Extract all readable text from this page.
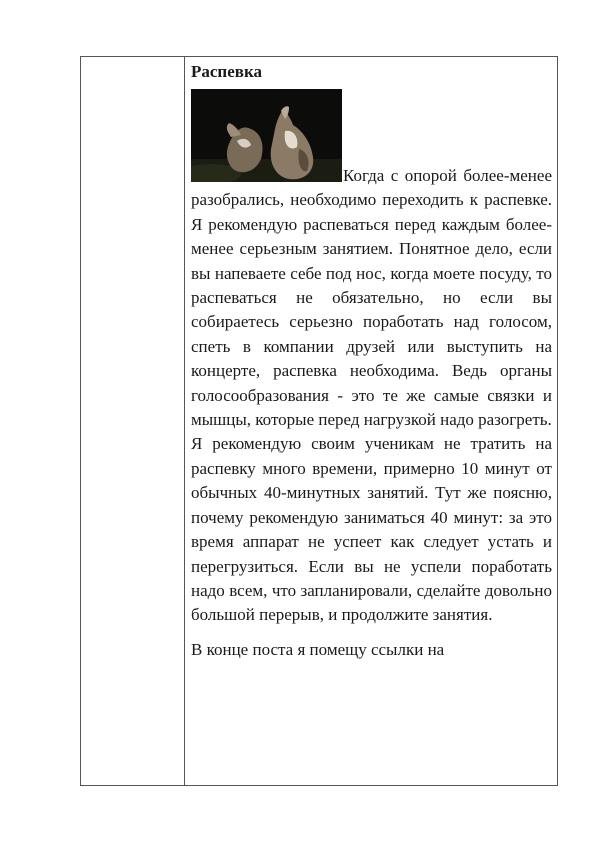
Распевка

Когда с опорой более-менее разобрались, необходимо переходить к распевке. Я рекомендую распеваться перед каждым более-менее серьезным занятием. Понятное дело, если вы напеваете себе под нос, когда моете посуду, то распеваться не обязательно, но если вы собираетесь серьезно поработать над голосом, спеть в компании друзей или выступить на концерте, распевка необходима. Ведь органы голосообразования - это те же самые связки и мышцы, которые перед нагрузкой надо разогреть.

Я рекомендую своим ученикам не тратить на распевку много времени, примерно 10 минут от обычных 40-минутных занятий. Тут же поясню, почему рекомендую заниматься 40 минут: за это время аппарат не успеет как следует устать и перегрузиться. Если вы не успели поработать надо всем, что запланировали, сделайте довольно большой перерыв, и продолжите занятия.

В конце поста я помещу ссылки на
